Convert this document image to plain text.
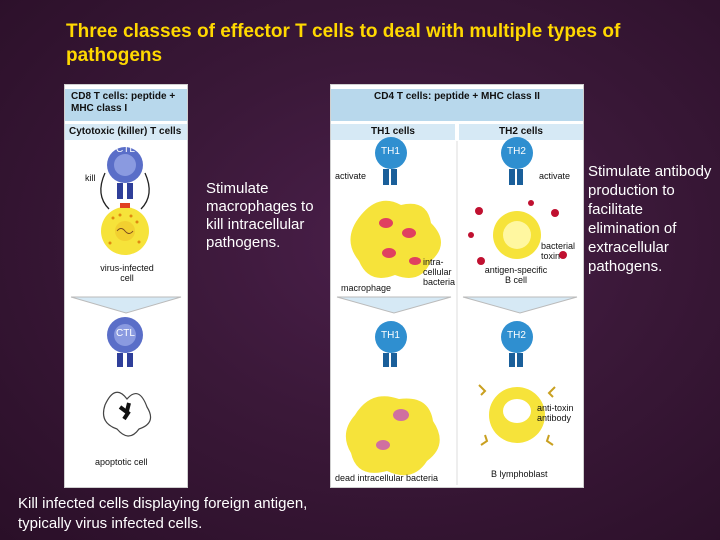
Three classes of effector T cells to deal with multiple types of pathogens
CD8 T cells: peptide + MHC class I
Cytotoxic (killer) T cells
CTL
kill
virus-infected cell
CTL
apoptotic cell
CD4 T cells: peptide + MHC class II
TH1 cells	TH2 cells
TH1	TH2
activate	activate
macrophage
intra- cellular bacteria
antigen-specific B cell
bacterial toxin
TH1	TH2
dead intracellular bacteria
anti-toxin antibody
B lymphoblast
Stimulate macrophages to kill intracellular pathogens.
Stimulate antibody production to facilitate elimination of extracellular pathogens.
Kill infected cells displaying foreign antigen, typically virus infected cells.
